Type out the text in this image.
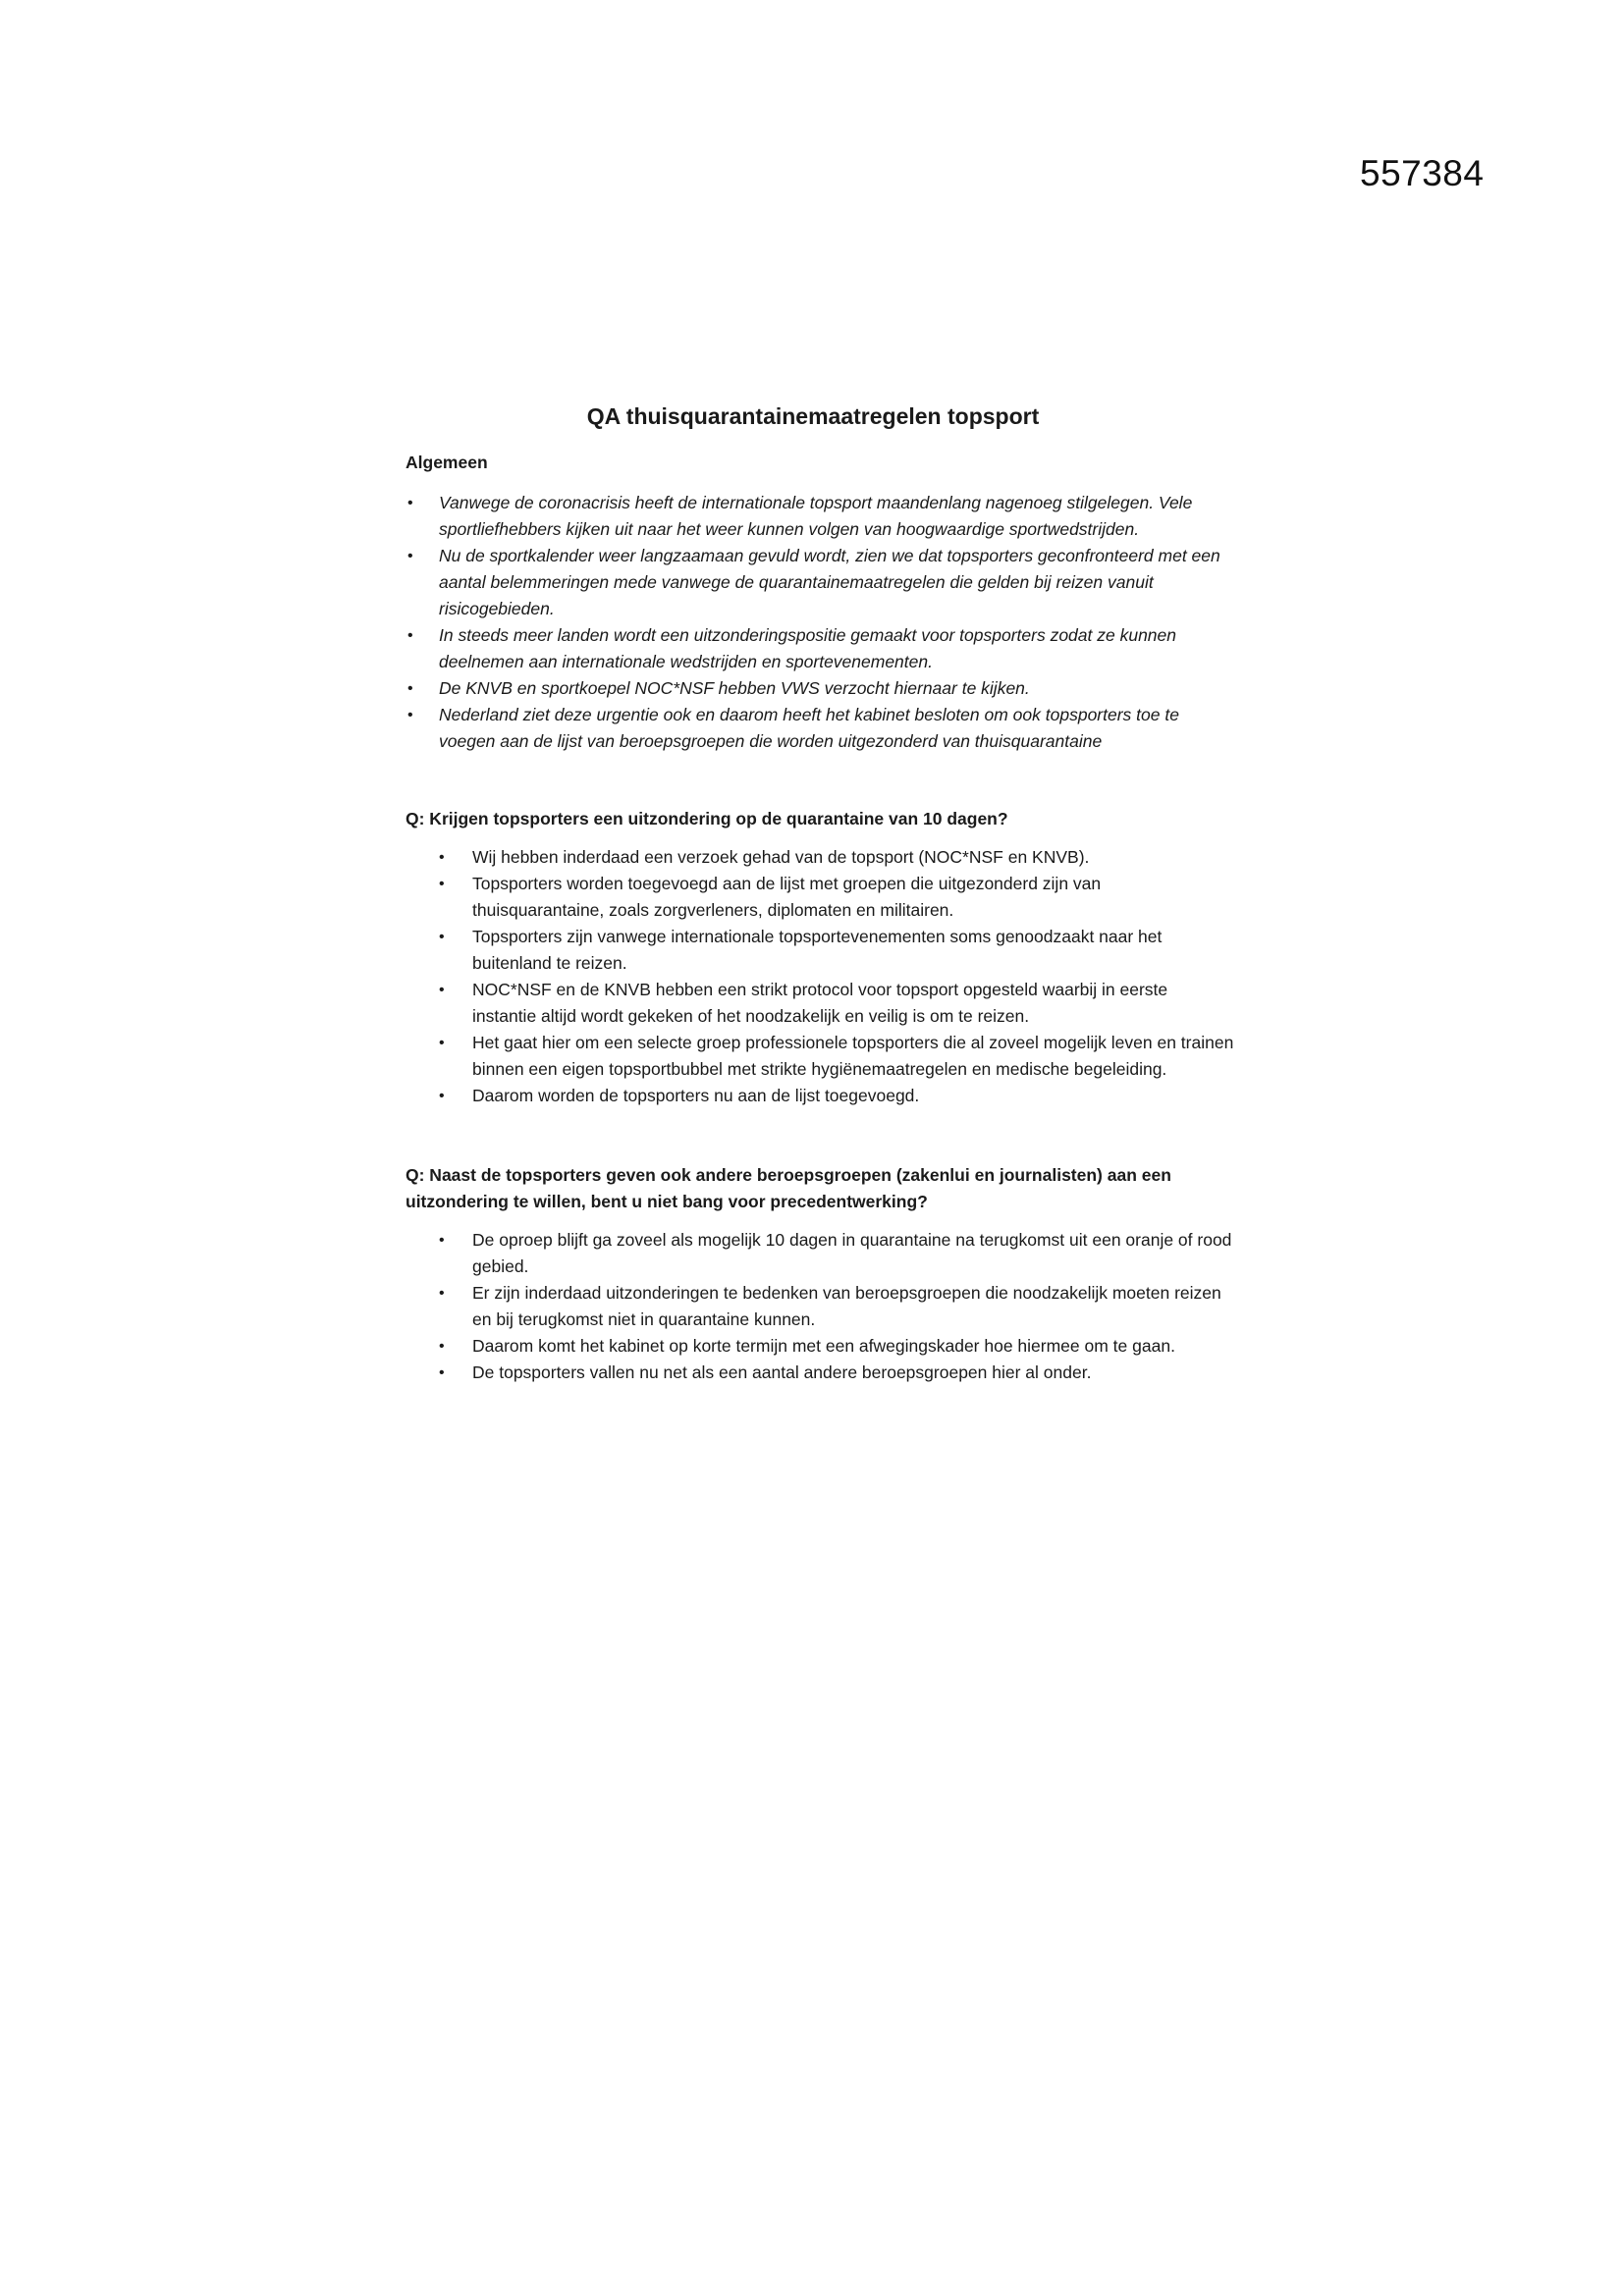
557384
QA thuisquarantainemaatregelen topsport

Algemeen

• Vanwege de coronacrisis heeft de internationale topsport maandenlang nagenoeg stilgelegen. Vele sportliefhebbers kijken uit naar het weer kunnen volgen van hoogwaardige sportwedstrijden.
• Nu de sportkalender weer langzaamaan gevuld wordt, zien we dat topsporters geconfronteerd met een aantal belemmeringen mede vanwege de quarantainemaatregelen die gelden bij reizen vanuit risicogebieden.
• In steeds meer landen wordt een uitzonderingspositie gemaakt voor topsporters zodat ze kunnen deelnemen aan internationale wedstrijden en sportevenementen.
• De KNVB en sportkoepel NOC*NSF hebben VWS verzocht hiernaar te kijken.
• Nederland ziet deze urgentie ook en daarom heeft het kabinet besloten om ook topsporters toe te voegen aan de lijst van beroepsgroepen die worden uitgezonderd van thuisquarantaine

Q: Krijgen topsporters een uitzondering op de quarantaine van 10 dagen?

• Wij hebben inderdaad een verzoek gehad van de topsport (NOC*NSF en KNVB).
• Topsporters worden toegevoegd aan de lijst met groepen die uitgezonderd zijn van thuisquarantaine, zoals zorgverleners, diplomaten en militairen.
• Topsporters zijn vanwege internationale topsportevenementen soms genoodzaakt naar het buitenland te reizen.
• NOC*NSF en de KNVB hebben een strikt protocol voor topsport opgesteld waarbij in eerste instantie altijd wordt gekeken of het noodzakelijk en veilig is om te reizen.
• Het gaat hier om een selecte groep professionele topsporters die al zoveel mogelijk leven en trainen binnen een eigen topsportbubbel met strikte hygiënemaatregelen en medische begeleiding.
• Daarom worden de topsporters nu aan de lijst toegevoegd.

Q: Naast de topsporters geven ook andere beroepsgroepen (zakenlui en journalisten) aan een uitzondering te willen, bent u niet bang voor precedentwerking?

• De oproep blijft ga zoveel als mogelijk 10 dagen in quarantaine na terugkomst uit een oranje of rood gebied.
• Er zijn inderdaad uitzonderingen te bedenken van beroepsgroepen die noodzakelijk moeten reizen en bij terugkomst niet in quarantaine kunnen.
• Daarom komt het kabinet op korte termijn met een afwegingskader hoe hiermee om te gaan.
• De topsporters vallen nu net als een aantal andere beroepsgroepen hier al onder.
